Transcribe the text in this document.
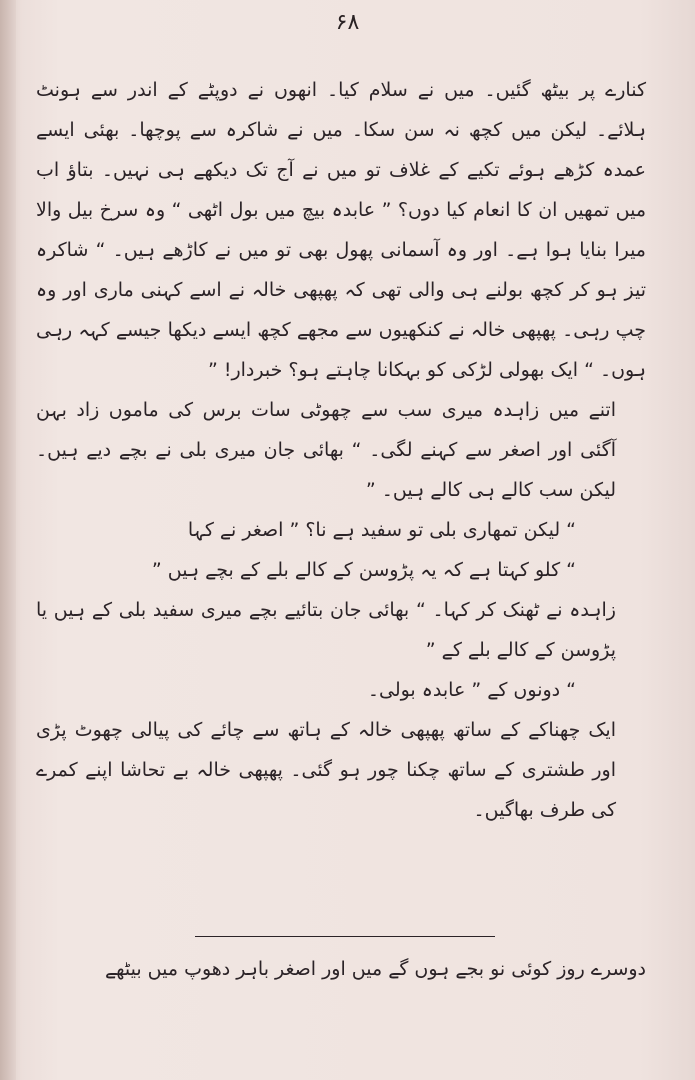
۶۸

کنارے پر بیٹھ گئیں۔ میں نے سلام کیا۔ انھوں نے دوپٹے کے اندر سے ہونٹ ہلائے۔ لیکن میں کچھ نہ سن سکا۔ میں نے شاکرہ سے پوچھا۔ بھئی ایسے عمدہ کڑھے ہوئے تکیے کے غلاف تو میں نے آج تک دیکھے ہی نہیں۔ بتاؤ اب میں تمھیں ان کا انعام کیا دوں؟ ” عابدہ بیچ میں بول اٹھی “ وہ سرخ بیل والا میرا بنایا ہوا ہے۔ اور وہ آسمانی پھول بھی تو میں نے کاڑھے ہیں۔ “ شاکرہ تیز ہو کر کچھ بولنے ہی والی تھی کہ پھپھی خالہ نے اسے کہنی ماری اور وہ چپ رہی۔ پھپھی خالہ نے کنکھیوں سے مجھے کچھ ایسے دیکھا جیسے کہہ رہی ہوں۔ “ ایک بھولی لڑکی کو بہکانا چاہتے ہو؟ خبردار! ”

اتنے میں زاہدہ میری سب سے چھوٹی سات برس کی ماموں زاد بہن آگئی اور اصغر سے کہنے لگی۔ “ بھائی جان میری بلی نے بچے دیے ہیں۔ لیکن سب کالے ہی کالے ہیں۔ ”

“ لیکن تمھاری بلی تو سفید ہے نا؟ ” اصغر نے کہا

“ کلو کہتا ہے کہ یہ پڑوسن کے کالے بلے کے بچے ہیں ”

زاہدہ نے ٹھنک کر کہا۔ “ بھائی جان بتائیے بچے میری سفید بلی کے ہیں یا پڑوسن کے کالے بلے کے ”

“ دونوں کے ” عابدہ بولی۔

ایک چھناکے کے ساتھ پھپھی خالہ کے ہاتھ سے چائے کی پیالی چھوٹ پڑی اور طشتری کے ساتھ چکنا چور ہو گئی۔ پھپھی خالہ بے تحاشا اپنے کمرے کی طرف بھاگیں۔

دوسرے روز کوئی نو بجے ہوں گے میں اور اصغر باہر دھوپ میں بیٹھے
